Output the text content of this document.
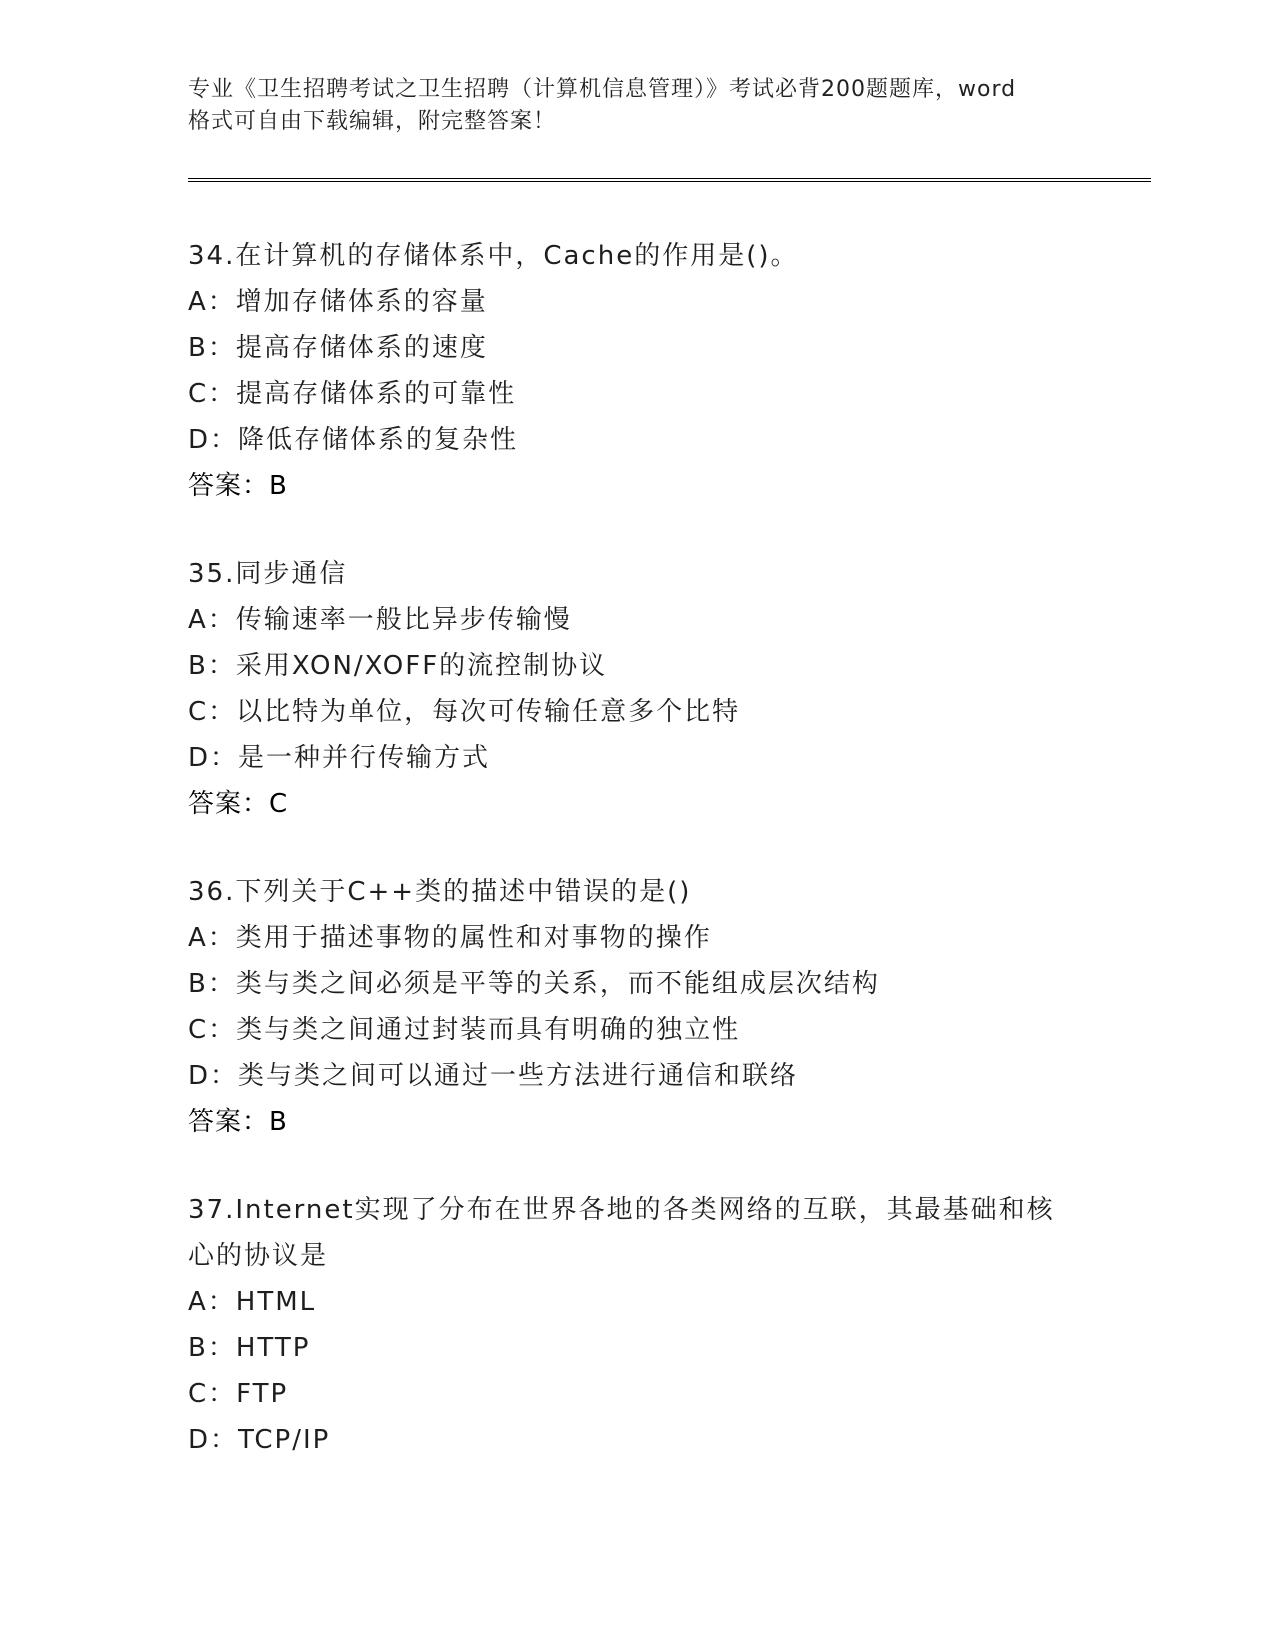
专业《卫生招聘考试之卫生招聘（计算机信息管理）》考试必背200题题库，word
格式可自由下载编辑，附完整答案！
34.在计算机的存储体系中，Cache的作用是()。
A：增加存储体系的容量
B：提高存储体系的速度
C：提高存储体系的可靠性
D：降低存储体系的复杂性
答案：B
35.同步通信
A：传输速率一般比异步传输慢
B：采用XON/XOFF的流控制协议
C：以比特为单位，每次可传输任意多个比特
D：是一种并行传输方式
答案：C
36.下列关于C++类的描述中错误的是()
A：类用于描述事物的属性和对事物的操作
B：类与类之间必须是平等的关系，而不能组成层次结构
C：类与类之间通过封装而具有明确的独立性
D：类与类之间可以通过一些方法进行通信和联络
答案：B
37.Internet实现了分布在世界各地的各类网络的互联，其最基础和核
心的协议是
A：HTML
B：HTTP
C：FTP
D：TCP/IP
